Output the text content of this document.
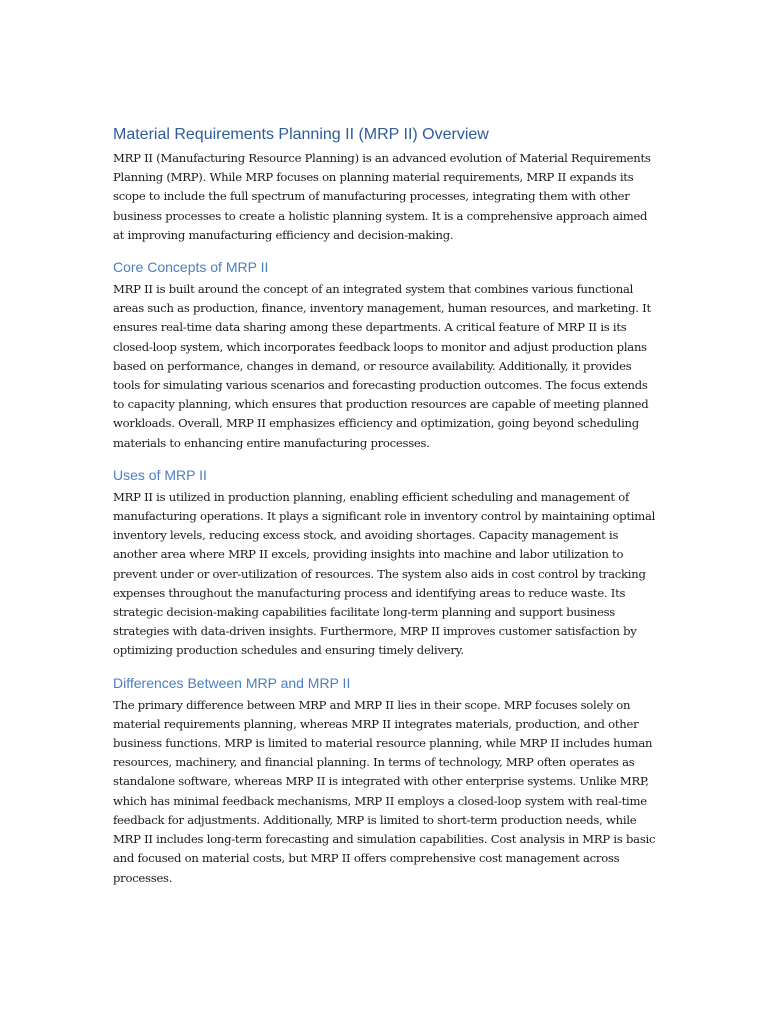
Material Requirements Planning II (MRP II) Overview

MRP II (Manufacturing Resource Planning) is an advanced evolution of Material Requirements Planning (MRP). While MRP focuses on planning material requirements, MRP II expands its scope to include the full spectrum of manufacturing processes, integrating them with other business processes to create a holistic planning system. It is a comprehensive approach aimed at improving manufacturing efficiency and decision-making.

Core Concepts of MRP II

MRP II is built around the concept of an integrated system that combines various functional areas such as production, finance, inventory management, human resources, and marketing. It ensures real-time data sharing among these departments. A critical feature of MRP II is its closed-loop system, which incorporates feedback loops to monitor and adjust production plans based on performance, changes in demand, or resource availability. Additionally, it provides tools for simulating various scenarios and forecasting production outcomes. The focus extends to capacity planning, which ensures that production resources are capable of meeting planned workloads. Overall, MRP II emphasizes efficiency and optimization, going beyond scheduling materials to enhancing entire manufacturing processes.

Uses of MRP II

MRP II is utilized in production planning, enabling efficient scheduling and management of manufacturing operations. It plays a significant role in inventory control by maintaining optimal inventory levels, reducing excess stock, and avoiding shortages. Capacity management is another area where MRP II excels, providing insights into machine and labor utilization to prevent under or over-utilization of resources. The system also aids in cost control by tracking expenses throughout the manufacturing process and identifying areas to reduce waste. Its strategic decision-making capabilities facilitate long-term planning and support business strategies with data-driven insights. Furthermore, MRP II improves customer satisfaction by optimizing production schedules and ensuring timely delivery.

Differences Between MRP and MRP II

The primary difference between MRP and MRP II lies in their scope. MRP focuses solely on material requirements planning, whereas MRP II integrates materials, production, and other business functions. MRP is limited to material resource planning, while MRP II includes human resources, machinery, and financial planning. In terms of technology, MRP often operates as standalone software, whereas MRP II is integrated with other enterprise systems. Unlike MRP, which has minimal feedback mechanisms, MRP II employs a closed-loop system with real-time feedback for adjustments. Additionally, MRP is limited to short-term production needs, while MRP II includes long-term forecasting and simulation capabilities. Cost analysis in MRP is basic and focused on material costs, but MRP II offers comprehensive cost management across processes.
